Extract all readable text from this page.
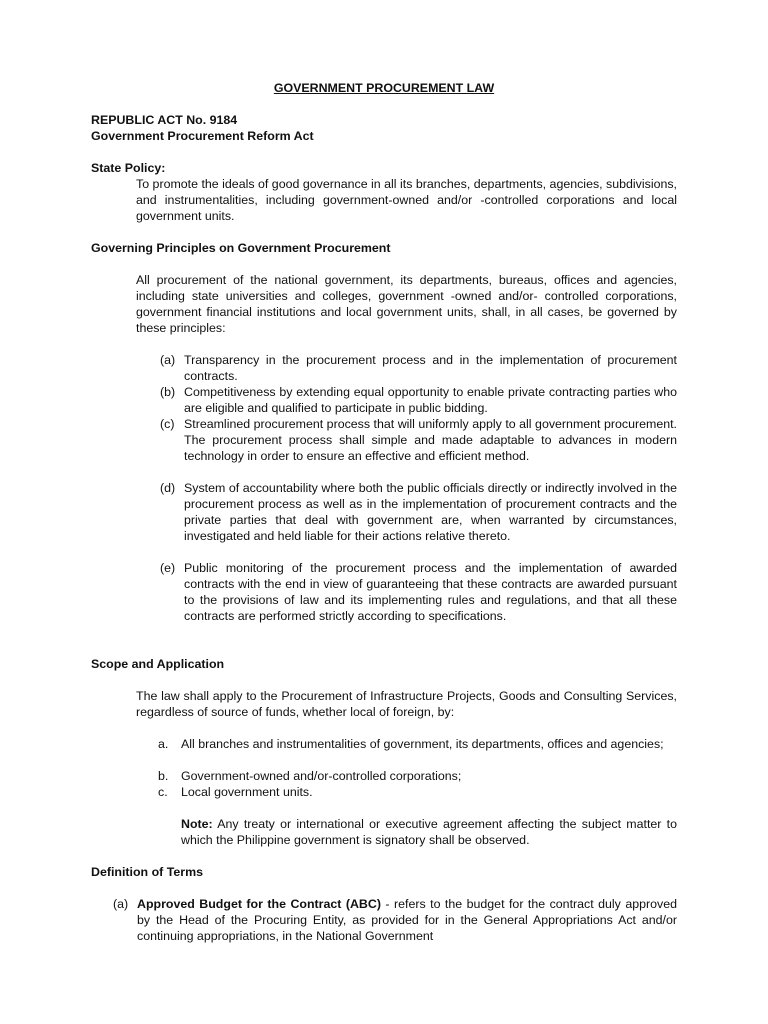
GOVERNMENT PROCUREMENT LAW
REPUBLIC ACT No. 9184
Government Procurement Reform Act
State Policy:
To promote the ideals of good governance in all its branches, departments, agencies, subdivisions, and instrumentalities, including government-owned and/or -controlled corporations and local government units.
Governing Principles on Government Procurement
All procurement of the national government, its departments, bureaus, offices and agencies, including state universities and colleges, government -owned and/or- controlled corporations, government financial institutions and local government units, shall, in all cases, be governed by these principles:
(a) Transparency in the procurement process and in the implementation of procurement contracts.
(b) Competitiveness by extending equal opportunity to enable private contracting parties who are eligible and qualified to participate in public bidding.
(c) Streamlined procurement process that will uniformly apply to all government procurement. The procurement process shall simple and made adaptable to advances in modern technology in order to ensure an effective and efficient method.
(d) System of accountability where both the public officials directly or indirectly involved in the procurement process as well as in the implementation of procurement contracts and the private parties that deal with government are, when warranted by circumstances, investigated and held liable for their actions relative thereto.
(e) Public monitoring of the procurement process and the implementation of awarded contracts with the end in view of guaranteeing that these contracts are awarded pursuant to the provisions of law and its implementing rules and regulations, and that all these contracts are performed strictly according to specifications.
Scope and Application
The law shall apply to the Procurement of Infrastructure Projects, Goods and Consulting Services, regardless of source of funds, whether local of foreign, by:
a.	All branches and instrumentalities of government, its departments, offices and agencies;
b.	Government-owned and/or-controlled corporations;
c.	Local government units.
Note: Any treaty or international or executive agreement affecting the subject matter to which the Philippine government is signatory shall be observed.
Definition of Terms
(a) Approved Budget for the Contract (ABC) - refers to the budget for the contract duly approved by the Head of the Procuring Entity, as provided for in the General Appropriations Act and/or continuing appropriations, in the National Government
